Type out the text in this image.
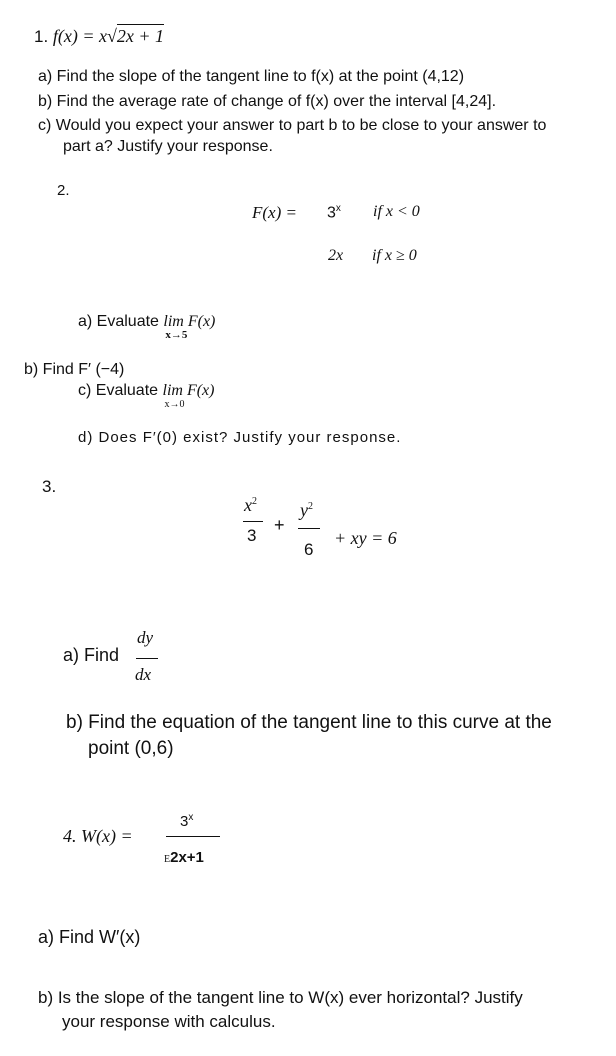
1. f(x) = x√2x + 1
a) Find the slope of the tangent line to f(x) at the point (4,12)
b) Find the average rate of change of f(x) over the interval [4,24].
c) Would you expect your answer to part b to be close to your answer to
part a? Justify your response.
2.
$F(x) = 3^x$ if x < 0
2x if x ≥ 0
a) Evaluate lim F(x)
x→5
b) Find F′ (−4)
c) Evaluate lim F(x)
x→0
d) Does F′(0) exist? Justify your response.
3.
$x^2$
3
+
$y^2$
6
+ xy = 6
a) Find
dy
dx
b) Find the equation of the tangent line to this curve at the
point (0,6)
4. W(x) =
$3^x$
E2x+1
a) Find W′(x)
b) Is the slope of the tangent line to W(x) ever horizontal? Justify
your response with calculus.
